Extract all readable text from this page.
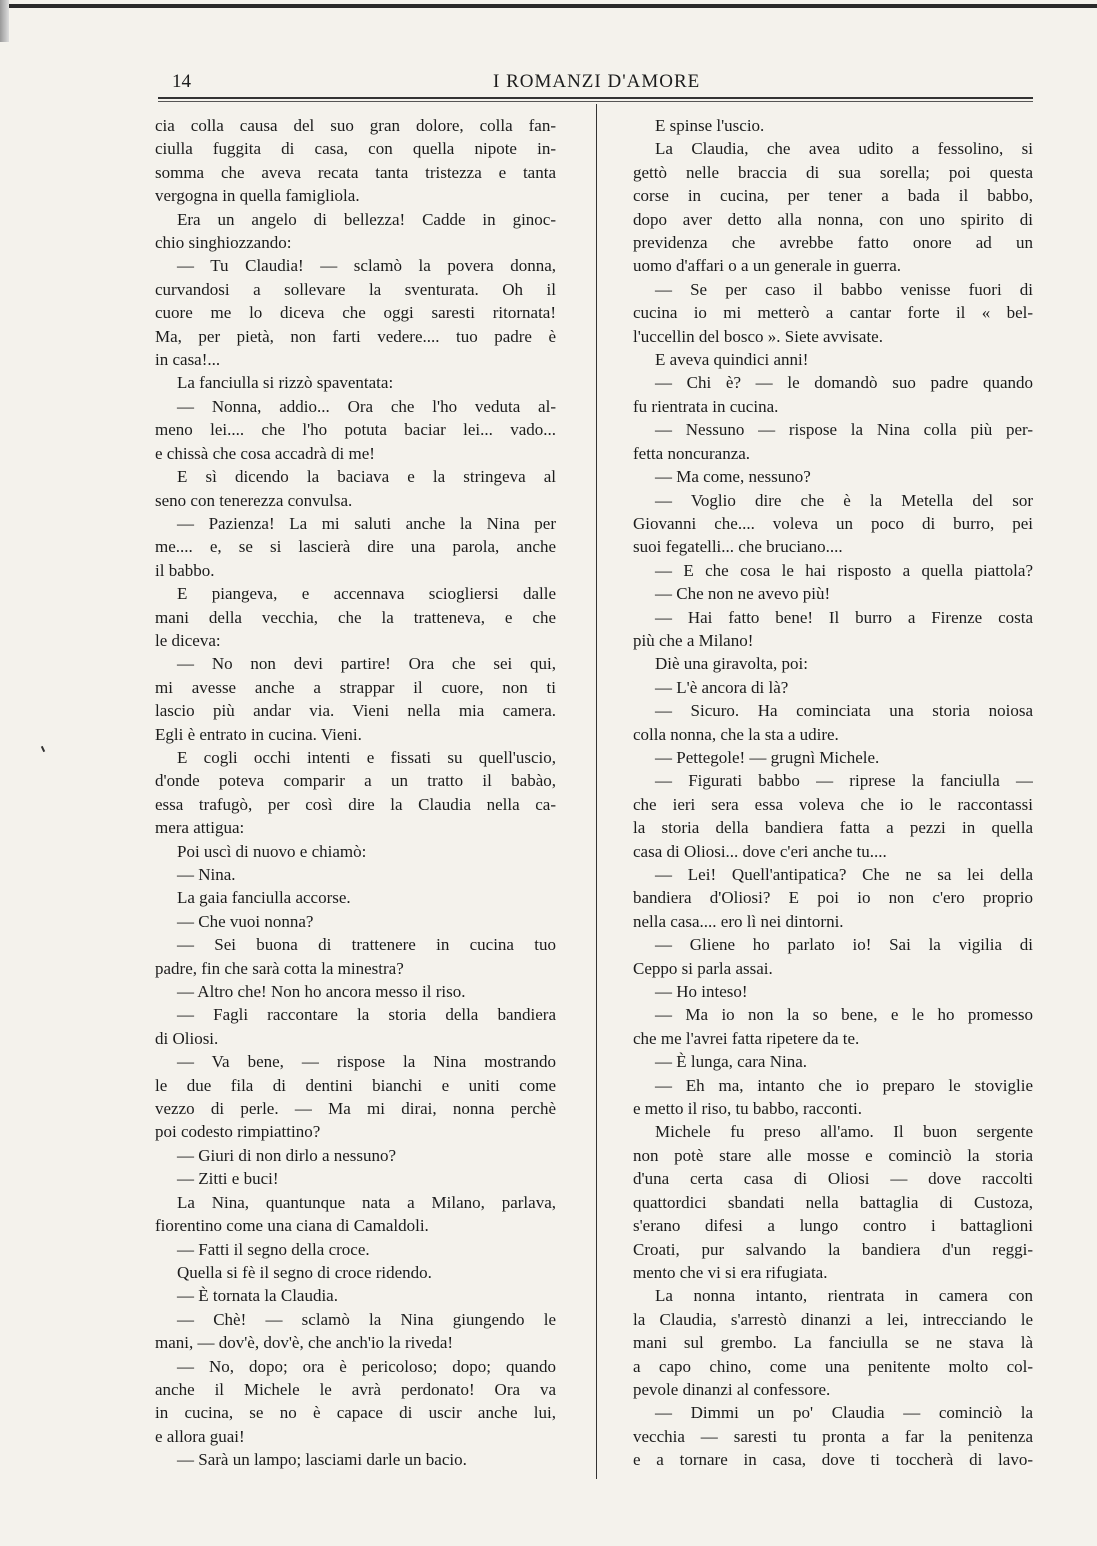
14	I ROMANZI D'AMORE

cia colla causa del suo gran dolore, colla fan-

ciulla fuggita di casa, con quella nipote in-

somma che aveva recata tanta tristezza e tanta

vergogna in quella famigliola.

Era un angelo di bellezza! Cadde in ginoc-

chio singhiozzando:

— Tu Claudia! — sclamò la povera donna,

curvandosi a sollevare la sventurata. Oh il

cuore me lo diceva che oggi saresti ritornata!

Ma, per pietà, non farti vedere.... tuo padre è

in casa!...

La fanciulla si rizzò spaventata:

— Nonna, addio... Ora che l'ho veduta al-

meno lei.... che l'ho potuta baciar lei... vado...

e chissà che cosa accadrà di me!

E sì dicendo la baciava e la stringeva al

seno con tenerezza convulsa.

— Pazienza! La mi saluti anche la Nina per

me.... e, se si lascierà dire una parola, anche

il babbo.

E piangeva, e accennava sciogliersi dalle

mani della vecchia, che la tratteneva, e che

le diceva:

— No non devi partire! Ora che sei qui,

mi avesse anche a strappar il cuore, non ti

lascio più andar via. Vieni nella mia camera.

Egli è entrato in cucina. Vieni.

E cogli occhi intenti e fissati su quell'uscio,

d'onde poteva comparir a un tratto il babào,

essa trafugò, per così dire la Claudia nella ca-

mera attigua:

Poi uscì di nuovo e chiamò:

— Nina.

La gaia fanciulla accorse.

— Che vuoi nonna?

— Sei buona di trattenere in cucina tuo

padre, fin che sarà cotta la minestra?

— Altro che! Non ho ancora messo il riso.

— Fagli raccontare la storia della bandiera

di Oliosi.

— Va bene, — rispose la Nina mostrando

le due fila di dentini bianchi e uniti come

vezzo di perle. — Ma mi dirai, nonna perchè

poi codesto rimpiattino?

— Giuri di non dirlo a nessuno?

— Zitti e buci!

La Nina, quantunque nata a Milano, parlava,

fiorentino come una ciana di Camaldoli.

— Fatti il segno della croce.

Quella si fè il segno di croce ridendo.

— È tornata la Claudia.

— Chè! — sclamò la Nina giungendo le

mani, — dov'è, dov'è, che anch'io la riveda!

— No, dopo; ora è pericoloso; dopo; quando

anche il Michele le avrà perdonato! Ora va

in cucina, se no è capace di uscir anche lui,

e allora guai!

— Sarà un lampo; lasciami darle un bacio.

E spinse l'uscio.

La Claudia, che avea udito a fessolino, si

gettò nelle braccia di sua sorella; poi questa

corse in cucina, per tener a bada il babbo,

dopo aver detto alla nonna, con uno spirito di

previdenza che avrebbe fatto onore ad un

uomo d'affari o a un generale in guerra.

— Se per caso il babbo venisse fuori di

cucina io mi metterò a cantar forte il « bel-

l'uccellin del bosco ». Siete avvisate.

E aveva quindici anni!

— Chi è? — le domandò suo padre quando

fu rientrata in cucina.

— Nessuno — rispose la Nina colla più per-

fetta noncuranza.

— Ma come, nessuno?

— Voglio dire che è la Metella del sor

Giovanni che.... voleva un poco di burro, pei

suoi fegatelli... che bruciano....

— E che cosa le hai risposto a quella piattola?

— Che non ne avevo più!

— Hai fatto bene! Il burro a Firenze costa

più che a Milano!

Diè una giravolta, poi:

— L'è ancora di là?

— Sicuro. Ha cominciata una storia noiosa

colla nonna, che la sta a udire.

— Pettegole! — grugnì Michele.

— Figurati babbo — riprese la fanciulla —

che ieri sera essa voleva che io le raccontassi

la storia della bandiera fatta a pezzi in quella

casa di Oliosi... dove c'eri anche tu....

— Lei! Quell'antipatica? Che ne sa lei della

bandiera d'Oliosi? E poi io non c'ero proprio

nella casa.... ero lì nei dintorni.

— Gliene ho parlato io! Sai la vigilia di

Ceppo si parla assai.

— Ho inteso!

— Ma io non la so bene, e le ho promesso

che me l'avrei fatta ripetere da te.

— È lunga, cara Nina.

— Eh ma, intanto che io preparo le stoviglie

e metto il riso, tu babbo, racconti.

Michele fu preso all'amo. Il buon sergente

non potè stare alle mosse e cominciò la storia

d'una certa casa di Oliosi — dove raccolti

quattordici sbandati nella battaglia di Custoza,

s'erano difesi a lungo contro i battaglioni

Croati, pur salvando la bandiera d'un reggi-

mento che vi si era rifugiata.

La nonna intanto, rientrata in camera con

la Claudia, s'arrestò dinanzi a lei, intrecciando le

mani sul grembo. La fanciulla se ne stava là

a capo chino, come una penitente molto col-

pevole dinanzi al confessore.

— Dimmi un po' Claudia — cominciò la

vecchia — saresti tu pronta a far la penitenza

e a tornare in casa, dove ti toccherà di lavo-
